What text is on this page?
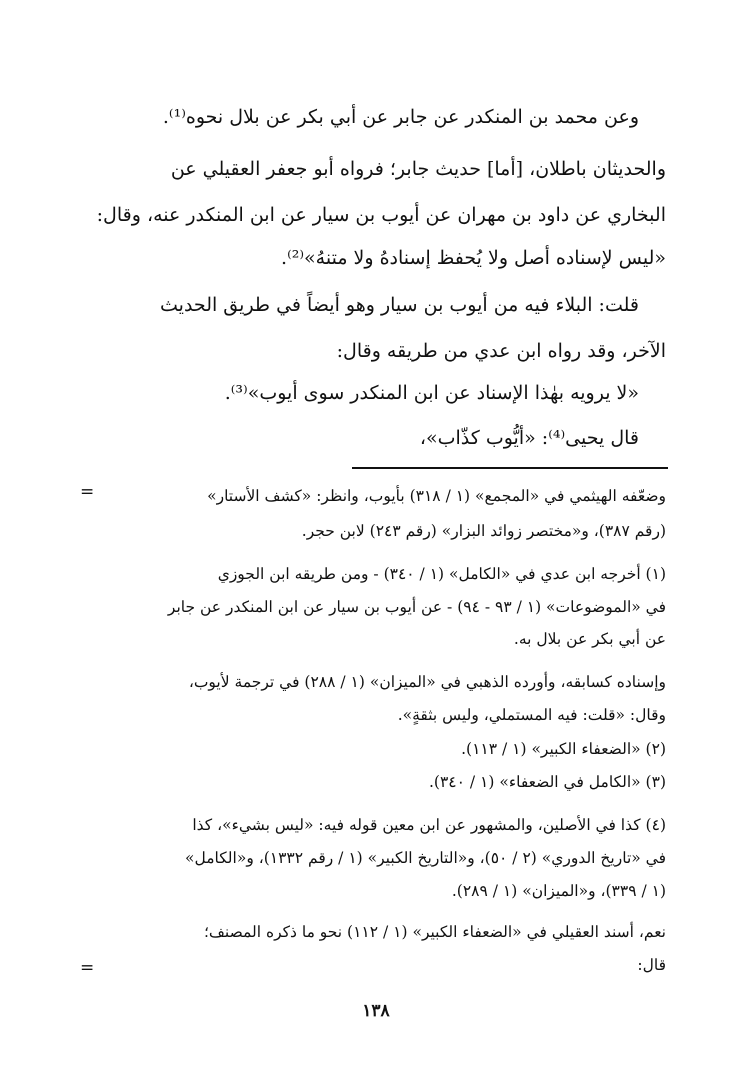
وعن محمد بن المنكدر عن جابر عن أبي بكر عن بلال نحوه⁽¹⁾.
والحديثان باطلان، [أما] حديث جابر؛ فرواه أبو جعفر العقيلي عن
البخاري عن داود بن مهران عن أيوب بن سيار عن ابن المنكدر عنه، وقال:
«ليس لإسناده أصل ولا يُحفظ إسنادهُ ولا متنهُ»⁽²⁾.
قلت: البلاء فيه من أيوب بن سيار وهو أيضاً في طريق الحديث
الآخر، وقد رواه ابن عدي من طريقه وقال:
«لا يرويه بهٰذا الإسناد عن ابن المنكدر سوى أيوب»⁽³⁾.
قال يحيى⁽⁴⁾: «أيُّوب كذّاب»،
=	وضعّفه الهيثمي في «المجمع» (١ / ٣١٨) بأيوب، وانظر: «كشف الأستار»
(رقم ٣٨٧)، و«مختصر زوائد البزار» (رقم ٢٤٣) لابن حجر.
(١) أخرجه ابن عدي في «الكامل» (١ / ٣٤٠) - ومن طريقه ابن الجوزي
في «الموضوعات» (١ / ٩٣ - ٩٤) - عن أيوب بن سيار عن ابن المنكدر عن جابر
عن أبي بكر عن بلال به.
وإسناده كسابقه، وأورده الذهبي في «الميزان» (١ / ٢٨٨) في ترجمة لأيوب،
وقال: «قلت: فيه المستملي، وليس بثقةٍ».
(٢) «الضعفاء الكبير» (١ / ١١٣).
(٣) «الكامل في الضعفاء» (١ / ٣٤٠).
(٤) كذا في الأصلين، والمشهور عن ابن معين قوله فيه: «ليس بشيء»، كذا
في «تاريخ الدوري» (٢ / ٥٠)، و«التاريخ الكبير» (١ / رقم ١٣٣٢)، و«الكامل»
(١ / ٣٣٩)، و«الميزان» (١ / ٢٨٩).
نعم، أسند العقيلي في «الضعفاء الكبير» (١ / ١١٢) نحو ما ذكره المصنف؛
قال:
=
١٣٨
